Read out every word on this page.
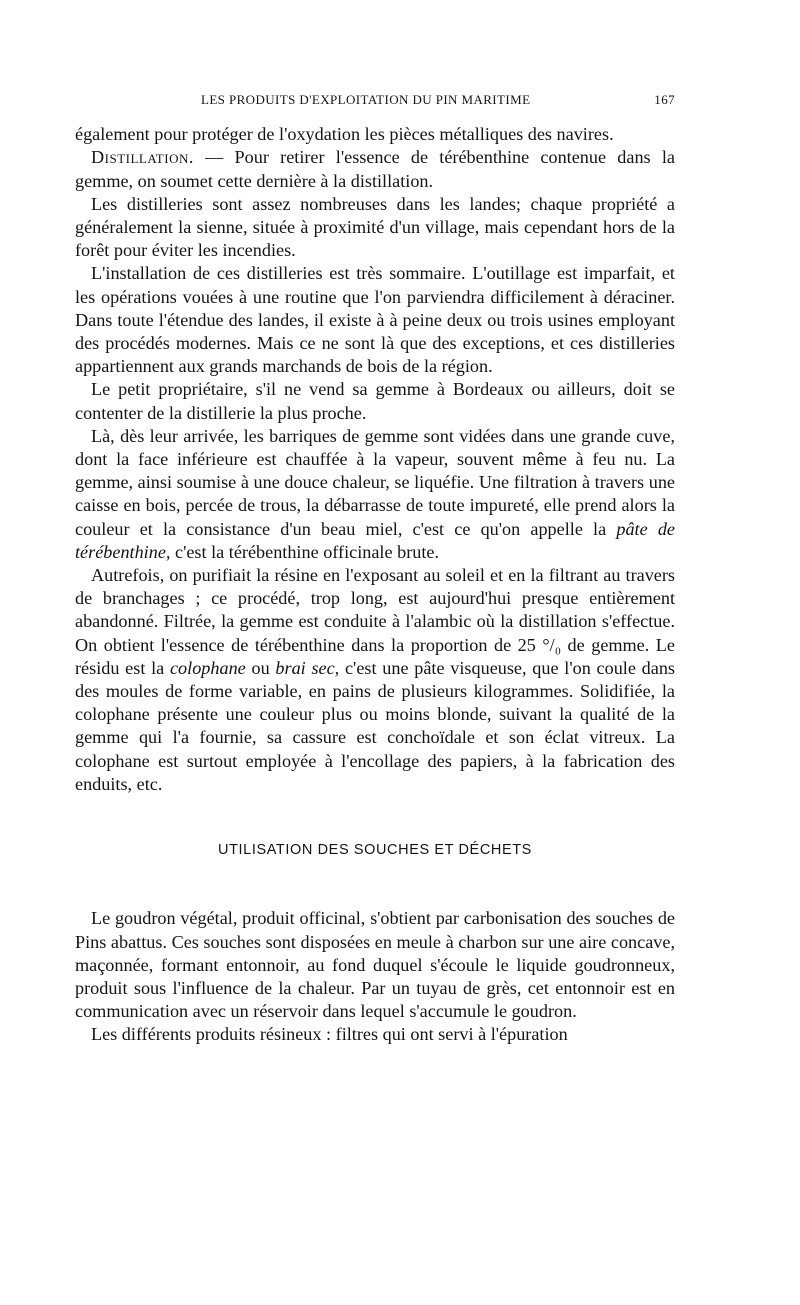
LES PRODUITS D'EXPLOITATION DU PIN MARITIME	167

également pour protéger de l'oxydation les pièces métalliques des navires.

Distillation. — Pour retirer l'essence de térébenthine contenue dans la gemme, on soumet cette dernière à la distillation.

Les distilleries sont assez nombreuses dans les landes; chaque propriété a généralement la sienne, située à proximité d'un village, mais cependant hors de la forêt pour éviter les incendies.

L'installation de ces distilleries est très sommaire. L'outillage est imparfait, et les opérations vouées à une routine que l'on parviendra difficilement à déraciner. Dans toute l'étendue des landes, il existe à à peine deux ou trois usines employant des procédés modernes. Mais ce ne sont là que des exceptions, et ces distilleries appartiennent aux grands marchands de bois de la région.

Le petit propriétaire, s'il ne vend sa gemme à Bordeaux ou ailleurs, doit se contenter de la distillerie la plus proche.

Là, dès leur arrivée, les barriques de gemme sont vidées dans une grande cuve, dont la face inférieure est chauffée à la vapeur, souvent même à feu nu. La gemme, ainsi soumise à une douce chaleur, se liquéfie. Une filtration à travers une caisse en bois, percée de trous, la débarrasse de toute impureté, elle prend alors la couleur et la consistance d'un beau miel, c'est ce qu'on appelle la pâte de térébenthine, c'est la térébenthine officinale brute.

Autrefois, on purifiait la résine en l'exposant au soleil et en la filtrant au travers de branchages ; ce procédé, trop long, est aujourd'hui presque entièrement abandonné. Filtrée, la gemme est conduite à l'alambic où la distillation s'effectue. On obtient l'essence de térébenthine dans la proportion de 25 °/₀ de gemme. Le résidu est la colophane ou brai sec, c'est une pâte visqueuse, que l'on coule dans des moules de forme variable, en pains de plusieurs kilogrammes. Solidifiée, la colophane présente une couleur plus ou moins blonde, suivant la qualité de la gemme qui l'a fournie, sa cassure est conchoïdale et son éclat vitreux. La colophane est surtout employée à l'encollage des papiers, à la fabrication des enduits, etc.

UTILISATION DES SOUCHES ET DÉCHETS

Le goudron végétal, produit officinal, s'obtient par carbonisation des souches de Pins abattus. Ces souches sont disposées en meule à charbon sur une aire concave, maçonnée, formant entonnoir, au fond duquel s'écoule le liquide goudronneux, produit sous l'influence de la chaleur. Par un tuyau de grès, cet entonnoir est en communication avec un réservoir dans lequel s'accumule le goudron.

Les différents produits résineux : filtres qui ont servi à l'épuration
